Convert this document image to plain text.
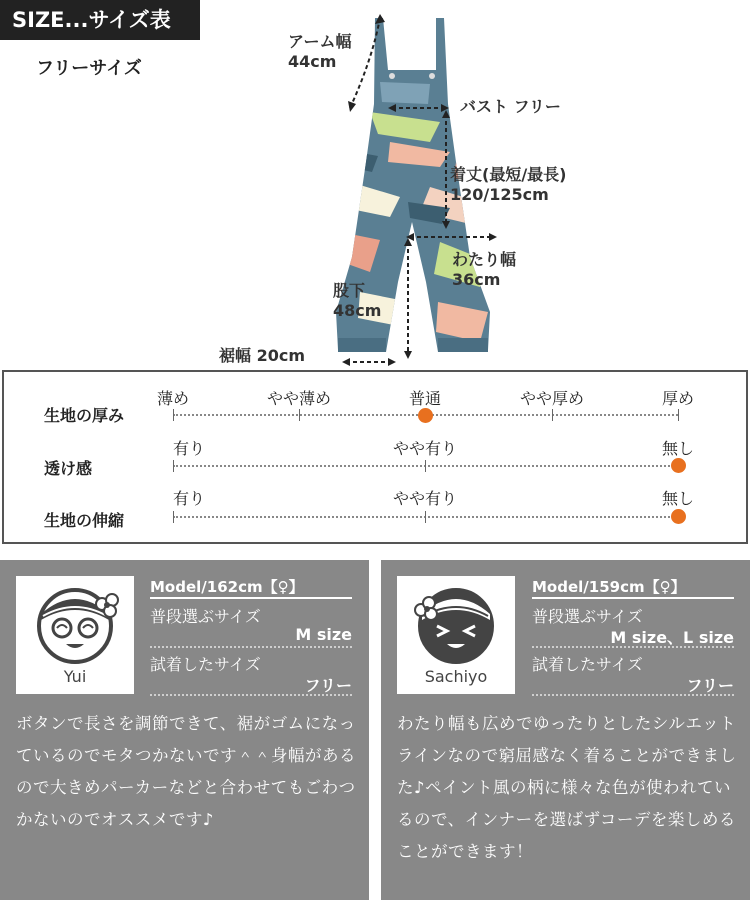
SIZE...サイズ表
フリーサイズ
アーム幅
44cm
バスト フリー
着丈(最短/最長)
120/125cm
わたり幅
36cm
股下
48cm
裾幅 20cm
生地の厚み
薄め	やや薄め	普通	やや厚め	厚め
透け感
有り	やや有り	無し
生地の伸縮
有り	やや有り	無し
Yui
Model/162cm【♀】
普段選ぶサイズ
M size
試着したサイズ
フリー
ボタンで長さを調節できて、裾がゴムになっているのでモタつかないです＾＾身幅があるので大きめパーカーなどと合わせてもごわつかないのでオススメです♪
Sachiyo
Model/159cm【♀】
普段選ぶサイズ
M size、L size
試着したサイズ
フリー
わたり幅も広めでゆったりとしたシルエットラインなので窮屈感なく着ることができました♪ペイント風の柄に様々な色が使われているので、インナーを選ばずコーデを楽しめることができます！
